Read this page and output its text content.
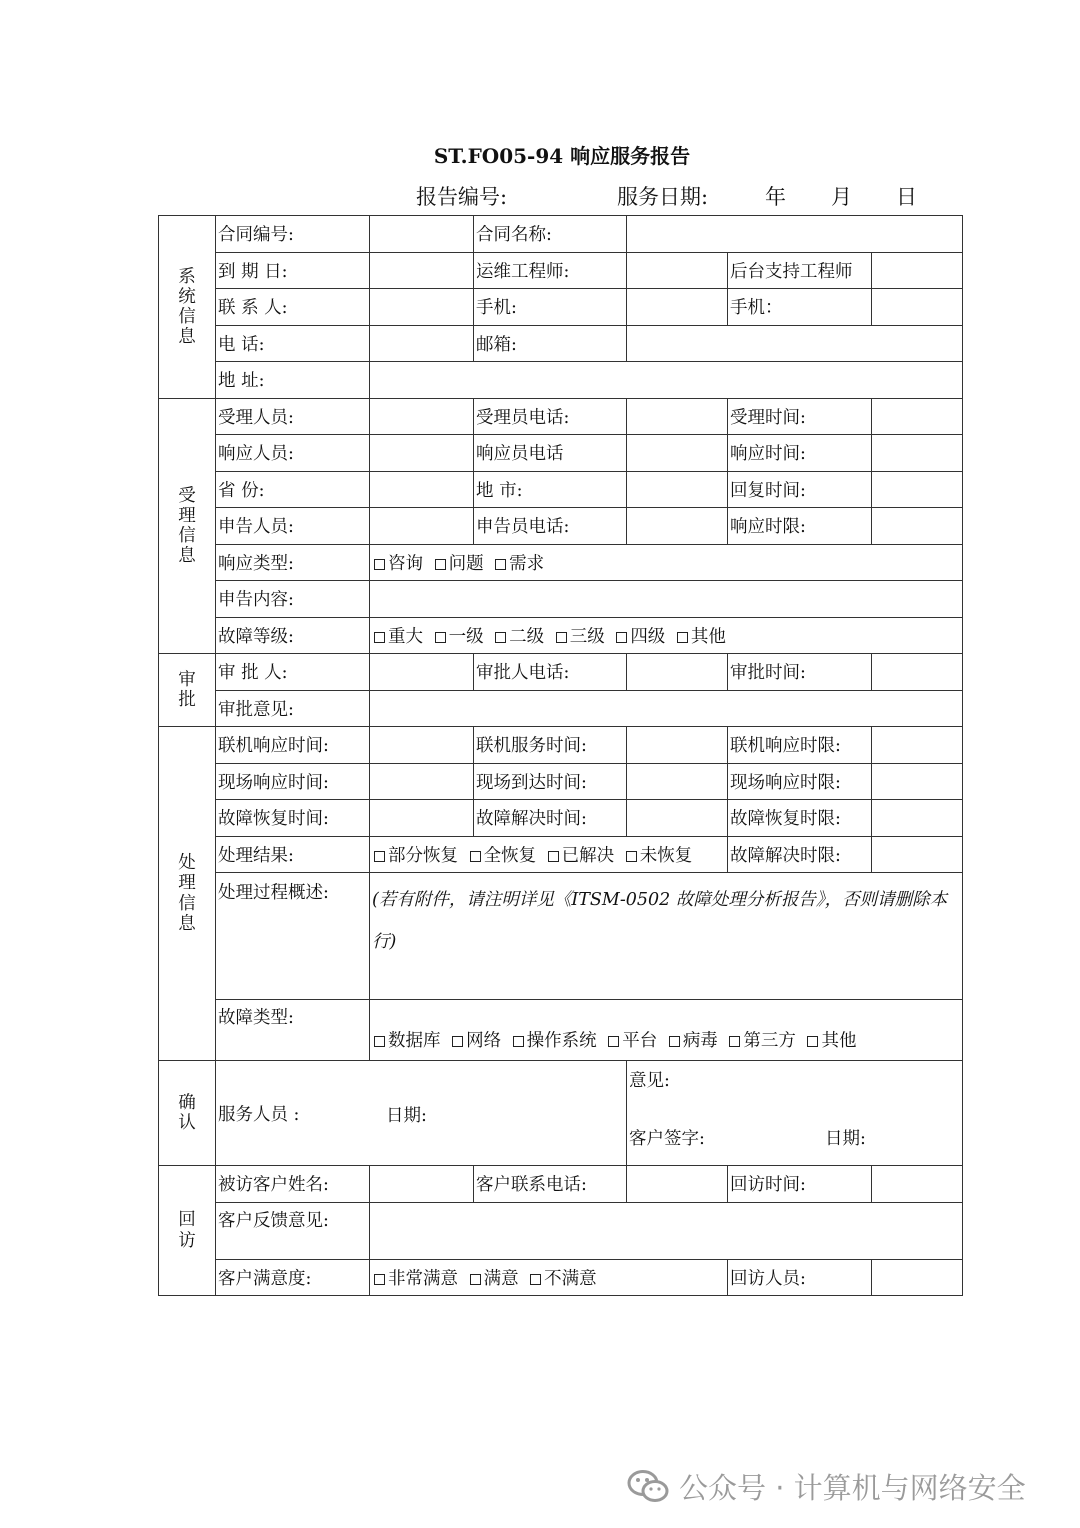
ST.FO05-94 响应服务报告
报告编号:	服务日期:	年 月 日
系统信息	合同编号:		合同名称:			
	到 期 日:		运维工程师:		后台支持工程师	
	联 系 人:		手机:		手机：	
	电 话:		邮箱:			
	地 址:					
受理信息	受理人员:		受理员电话:		受理时间:	
	响应人员:		响应员电话		响应时间:	
	省 份:		地 市:		回复时间:	
	申告人员:		申告员电话:		响应时限:	
	响应类型:	咨询 问题 需求				
	申告内容:					
	故障等级:	重大 一级 二级 三级 四级 其他				
审批	审 批 人:		审批人电话:		审批时间:	
	审批意见:					
处理信息	联机响应时间:		联机服务时间:		联机响应时限:	
	现场响应时间:		现场到达时间:		现场响应时限:	
	故障恢复时间:		故障解决时间:		故障恢复时限:	
	处理结果:	部分恢复 全恢复 已解决 未恢复			故障解决时限:	
	处理过程概述:	(若有附件，请注明详见《ITSM-0502 故障处理分析报告》，否则请删除本行)				

	故障类型:	数据库 网络 操作系统 平台 病毒 第三方 其他				
确认	服务人员 : 日期:			意见:
客户签字: 日期:		

回访	被访客户姓名:		客户联系电话:		回访时间:	
	客户反馈意见:					
	客户满意度:	非常满意 满意 不满意			回访人员:	
公众号 · 计算机与网络安全
